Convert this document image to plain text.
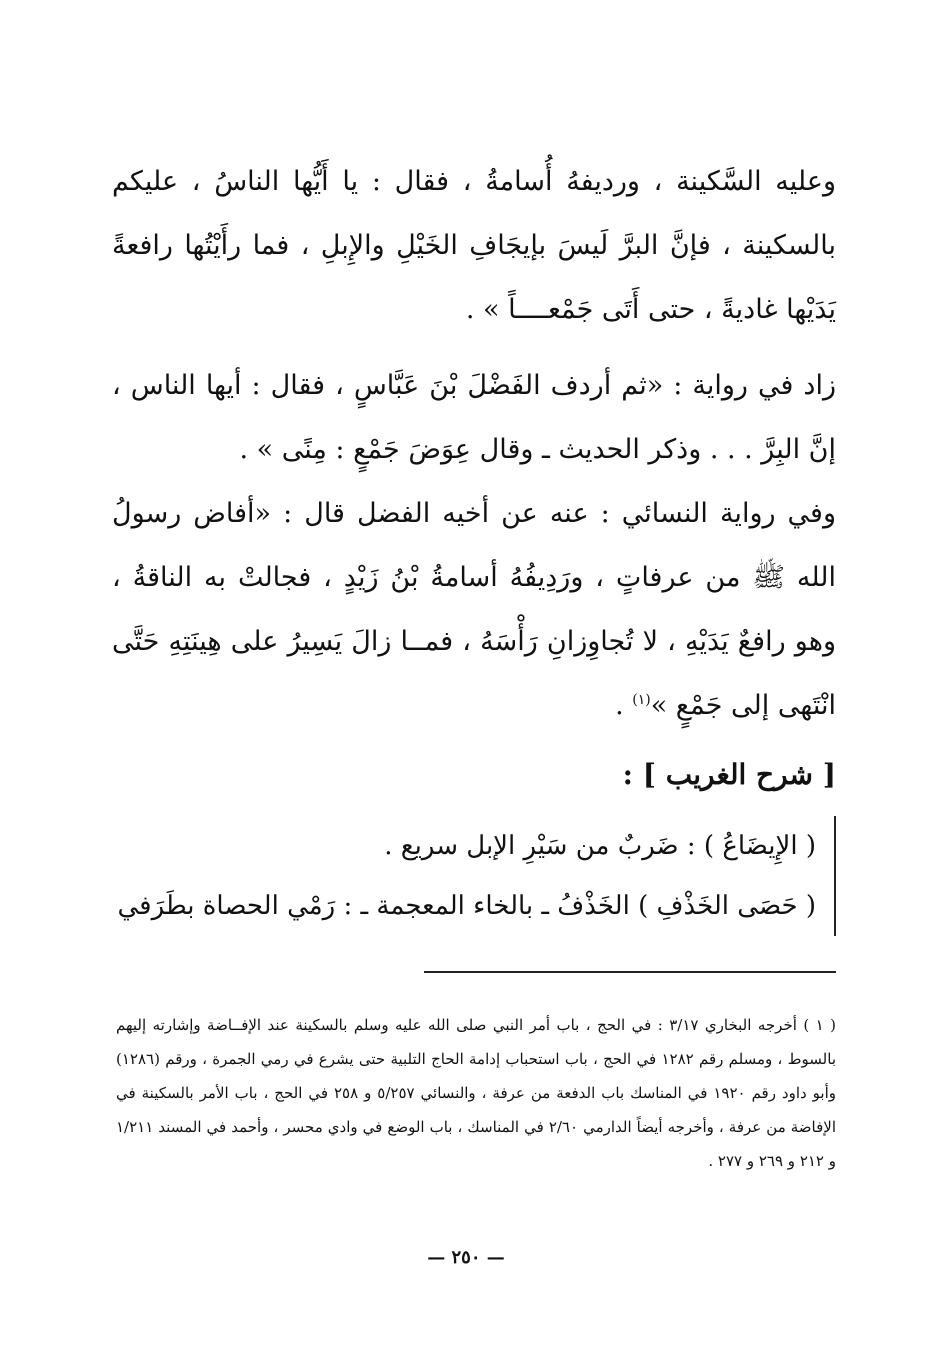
وعليه السَّكينة ، ورديفهُ أُسامةُ ، فقال : يا أَيُّها الناسُ ، عليكم بالسكينة ، فإنَّ البرَّ لَيسَ بإيجَافِ الخَيْلِ والإِبلِ ، فما رأَيْتُها رافعةً يَدَيْها غاديةً ، حتى أَتَى جَمْعــــاً » .

زاد في رواية : «ثم أردف الفَضْلَ بْنَ عَبَّاسٍ ، فقال : أيها الناس ، إنَّ البِرَّ . . . وذكر الحديث ـ وقال عِوَضَ جَمْعٍ : مِنًى » .

وفي رواية النسائي : عنه عن أخيه الفضل قال : «أفاض رسولُ الله ﷺ من عرفاتٍ ، ورَدِيفُهُ أسامةُ بْنُ زَيْدٍ ، فجالتْ به الناقةُ ، وهو رافعٌ يَدَيْهِ ، لا تُجاوِزانِ رَأْسَهُ ، فمــا زالَ يَسِيرُ على هِينَتِهِ حَتَّى انْتَهى إلى جَمْعٍ »$^{(١)}$ .

[ شرح الغريب ] :

( الإِيضَاعُ ) : ضَربٌ من سَيْرِ الإبل سريع .

( حَصَى الخَذْفِ ) الخَذْفُ ـ بالخاء المعجمة ـ : رَمْي الحصاة بطَرَفي

( ١ ) أخرجه البخاري ٣/١٧ : في الحج ، باب أمر النبي صلى الله عليه وسلم بالسكينة عند الإفــاضة وإشارته إليهم بالسوط ، ومسلم رقم ١٢٨٢ في الحج ، باب استحباب إدامة الحاج التلبية حتى يشرع في رمي الجمرة ، ورقم (١٢٨٦) وأبو داود رقم ١٩٢٠ في المناسك باب الدفعة من عرفة ، والنسائي ٥/٢٥٧ و ٢٥٨ في الحج ، باب الأمر بالسكينة في الإفاضة من عرفة ، وأخرجه أيضاً الدارمي ٢/٦٠ في المناسك ، باب الوضع في وادي محسر ، وأحمد في المسند ١/٢١١ و ٢١٢ و ٢٦٩ و ٢٧٧ .

— ٢٥٠ —
